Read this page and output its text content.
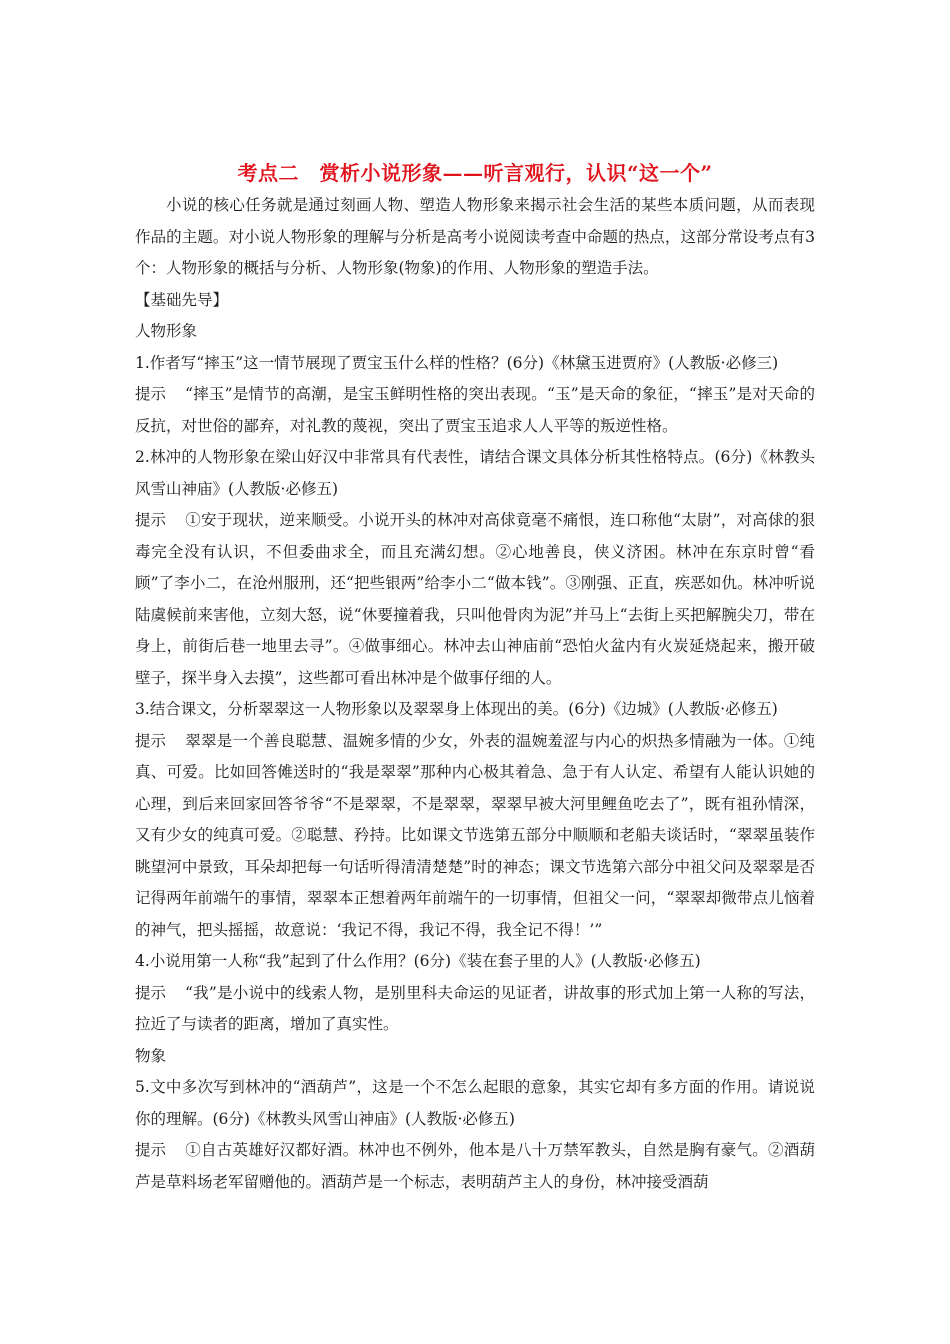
考点二　赏析小说形象——听言观行，认识“这一个”

小说的核心任务就是通过刻画人物、塑造人物形象来揭示社会生活的某些本质问题，从而表现作品的主题。对小说人物形象的理解与分析是高考小说阅读考查中命题的热点，这部分常设考点有3个：人物形象的概括与分析、人物形象(物象)的作用、人物形象的塑造手法。

【基础先导】

人物形象

1.作者写“摔玉”这一情节展现了贾宝玉什么样的性格？(6分)《林黛玉进贾府》(人教版·必修三)

提示 “摔玉”是情节的高潮，是宝玉鲜明性格的突出表现。“玉”是天命的象征，“摔玉”是对天命的反抗，对世俗的鄙弃，对礼教的蔑视，突出了贾宝玉追求人人平等的叛逆性格。

2.林冲的人物形象在梁山好汉中非常具有代表性，请结合课文具体分析其性格特点。(6分)《林教头风雪山神庙》(人教版·必修五)

提示 ①安于现状，逆来顺受。小说开头的林冲对高俅竟毫不痛恨，连口称他“太尉”，对高俅的狠毒完全没有认识，不但委曲求全，而且充满幻想。②心地善良，侠义济困。林冲在东京时曾“看顾”了李小二，在沧州服刑，还“把些银两”给李小二“做本钱”。③刚强、正直，疾恶如仇。林冲听说陆虞候前来害他，立刻大怒，说“休要撞着我，只叫他骨肉为泥”并马上“去街上买把解腕尖刀，带在身上，前街后巷一地里去寻”。④做事细心。林冲去山神庙前“恐怕火盆内有火炭延烧起来，搬开破壁子，探半身入去摸”，这些都可看出林冲是个做事仔细的人。

3.结合课文，分析翠翠这一人物形象以及翠翠身上体现出的美。(6分)《边城》(人教版·必修五)

提示 翠翠是一个善良聪慧、温婉多情的少女，外表的温婉羞涩与内心的炽热多情融为一体。①纯真、可爱。比如回答傩送时的“我是翠翠”那种内心极其着急、急于有人认定、希望有人能认识她的心理，到后来回家回答爷爷“不是翠翠，不是翠翠，翠翠早被大河里鲤鱼吃去了”，既有祖孙情深，又有少女的纯真可爱。②聪慧、矜持。比如课文节选第五部分中顺顺和老船夫谈话时，“翠翠虽装作眺望河中景致，耳朵却把每一句话听得清清楚楚”时的神态；课文节选第六部分中祖父问及翠翠是否记得两年前端午的事情，翠翠本正想着两年前端午的一切事情，但祖父一问，“翠翠却微带点儿恼着的神气，把头摇摇，故意说：‘我记不得，我记不得，我全记不得！’”

4.小说用第一人称“我”起到了什么作用？(6分)《装在套子里的人》(人教版·必修五)

提示 “我”是小说中的线索人物，是别里科夫命运的见证者，讲故事的形式加上第一人称的写法，拉近了与读者的距离，增加了真实性。

物象

5.文中多次写到林冲的“酒葫芦”，这是一个不怎么起眼的意象，其实它却有多方面的作用。请说说你的理解。(6分)《林教头风雪山神庙》(人教版·必修五)

提示 ①自古英雄好汉都好酒。林冲也不例外，他本是八十万禁军教头，自然是胸有豪气。②酒葫芦是草料场老军留赠他的。酒葫芦是一个标志，表明葫芦主人的身份，林冲接受酒葫
